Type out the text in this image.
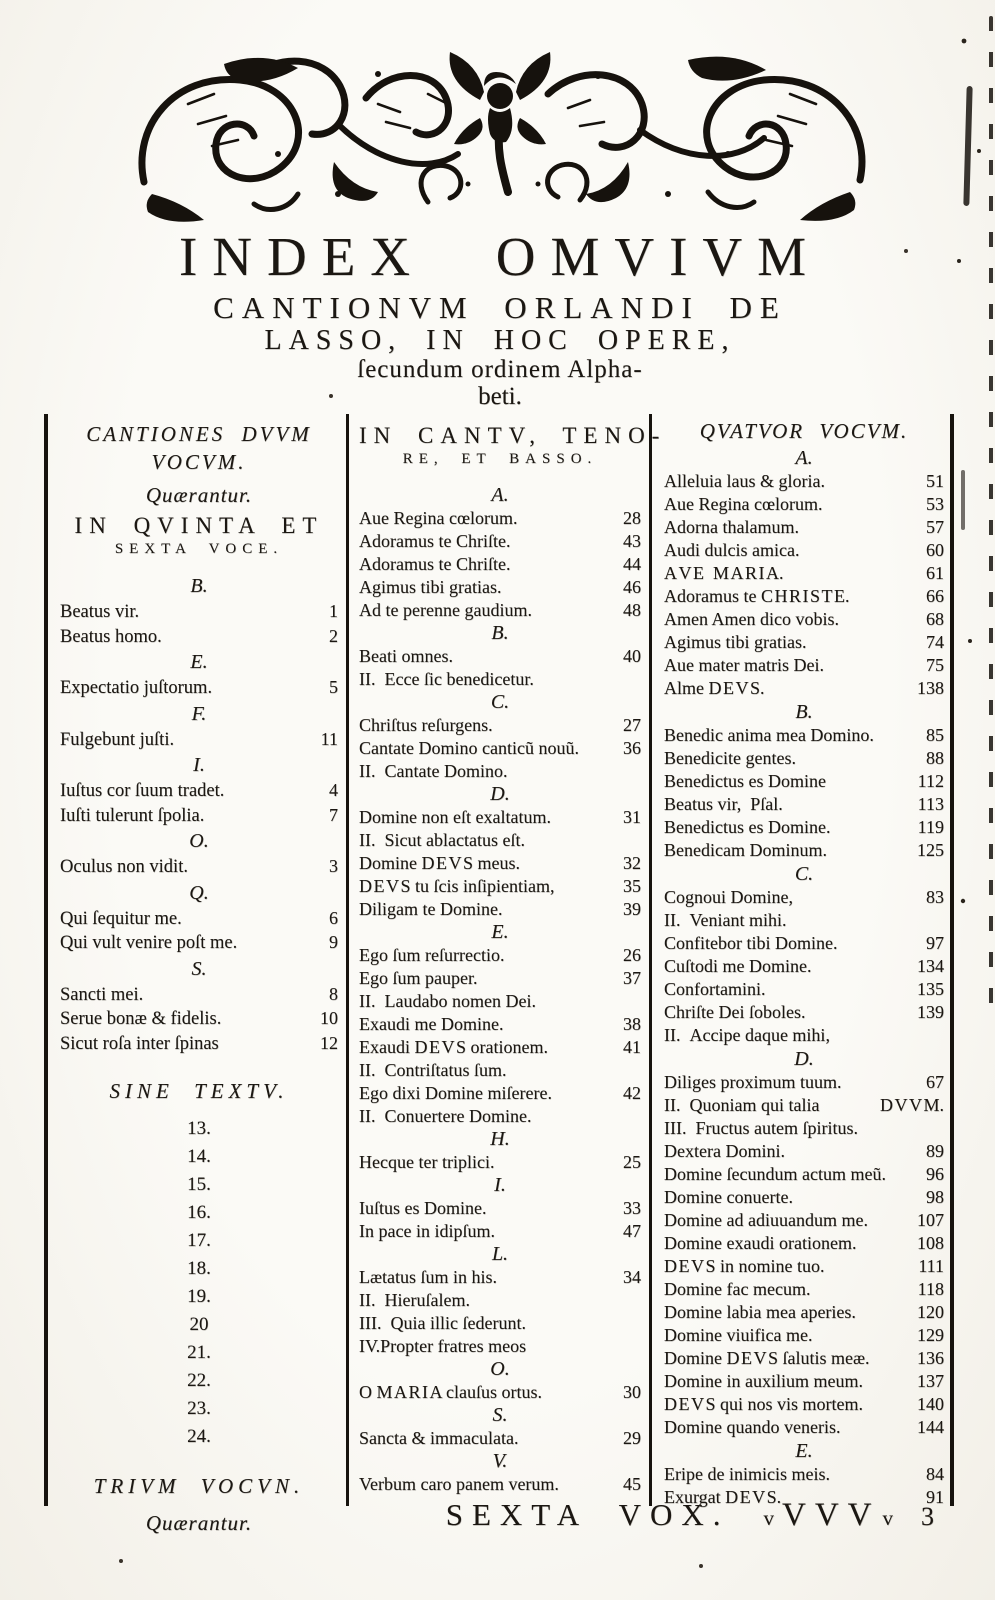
INDEX OMVIVM
CANTIONVM ORLANDI DE
LASSO, IN HOC OPERE,
ſecundum ordinem Alpha-
beti.
CANTIONES DVVM
VOCVM.
Quærantur.
IN QVINTA ET
SEXTA VOCE.
B.
Beatus vir.	1
Beatus homo.	2
E.
Expectatio juſtorum.	5
F.
Fulgebunt juſti.	11
I.
Iuſtus cor ſuum tradet.	4
Iuſti tulerunt ſpolia.	7
O.
Oculus non vidit.	3
Q.
Qui ſequitur me.	6
Qui vult venire poſt me.	9
S.
Sancti mei.	8
Serue bonæ & fidelis.	10
Sicut roſa inter ſpinas	12
SINE TEXTV.
13.
14.
15.
16.
17.
18.
19.
20
21.
22.
23.
24.
TRIVM VOCVN.
Quærantur.
IN CANTV, TENO-
RE, ET BASSO.
A.
Aue Regina cœlorum.	28
Adoramus te Chriſte.	43
Adoramus te Chriſte.	44
Agimus tibi gratias.	46
Ad te perenne gaudium.	48
B.
Beati omnes.	40
II. Ecce ſic benedicetur.
C.
Chriſtus reſurgens.	27
Cantate Domino canticũ nouũ.	36
II. Cantate Domino.
D.
Domine non eſt exaltatum.	31
II. Sicut ablactatus eſt.
Domine D E V S meus.	32
D E V S tu ſcis inſipientiam,	35
Diligam te Domine.	39
E.
Ego ſum reſurrectio.	26
Ego ſum pauper.	37
II. Laudabo nomen Dei.
Exaudi me Domine.	38
Exaudi D E V S orationem.	41
II. Contriſtatus ſum.
Ego dixi Domine miſerere.	42
II. Conuertere Domine.
H.
Hecque ter triplici.	25
I.
Iuſtus es Domine.	33
In pace in idipſum.	47
L.
Lætatus ſum in his.	34
II. Hieruſalem.
III. Quia illic ſederunt.
IV.Propter fratres meos
O.
O M A R I A clauſus ortus.	30
S.
Sancta & immaculata.	29
V.
Verbum caro panem verum.	45
QVATVOR VOCVM.
A.
Alleluia laus & gloria.	51
Aue Regina cœlorum.	53
Adorna thalamum.	57
Audi dulcis amica.	60
A V E M A R I A.	61
Adoramus te C H R I S T E.	66
Amen Amen dico vobis.	68
Agimus tibi gratias.	74
Aue mater matris Dei.	75
Alme D E V S.	138
B.
Benedic anima mea Domino.	85
Benedicite gentes.	88
Benedictus es Domine	112
Beatus vir, Pſal.	113
Benedictus es Domine.	119
Benedicam Dominum.	125
C.
Cognoui Domine,	83
II. Veniant mihi.
Confitebor tibi Domine.	97
Cuſtodi me Domine.	134
Confortamini.	135
Chriſte Dei ſoboles.	139
II. Accipe daque mihi,
D.
Diliges proximum tuum.	67
II. Quoniam qui talia	D V V M.
III. Fructus autem ſpiritus.
Dextera Domini.	89
Domine ſecundum actum meũ.	96
Domine conuerte.	98
Domine ad adiuuandum me.	107
Domine exaudi orationem.	108
D E V S in nomine tuo.	111
Domine fac mecum.	118
Domine labia mea aperies.	120
Domine viuifica me.	129
Domine D E V S ſalutis meæ.	136
Domine in auxilium meum.	137
D E V S qui nos vis mortem.	140
Domine quando veneris.	144
E.
Eripe de inimicis meis.	84
Exurgat D E V S.	91
SEXTA VOX. v VVV v 3
